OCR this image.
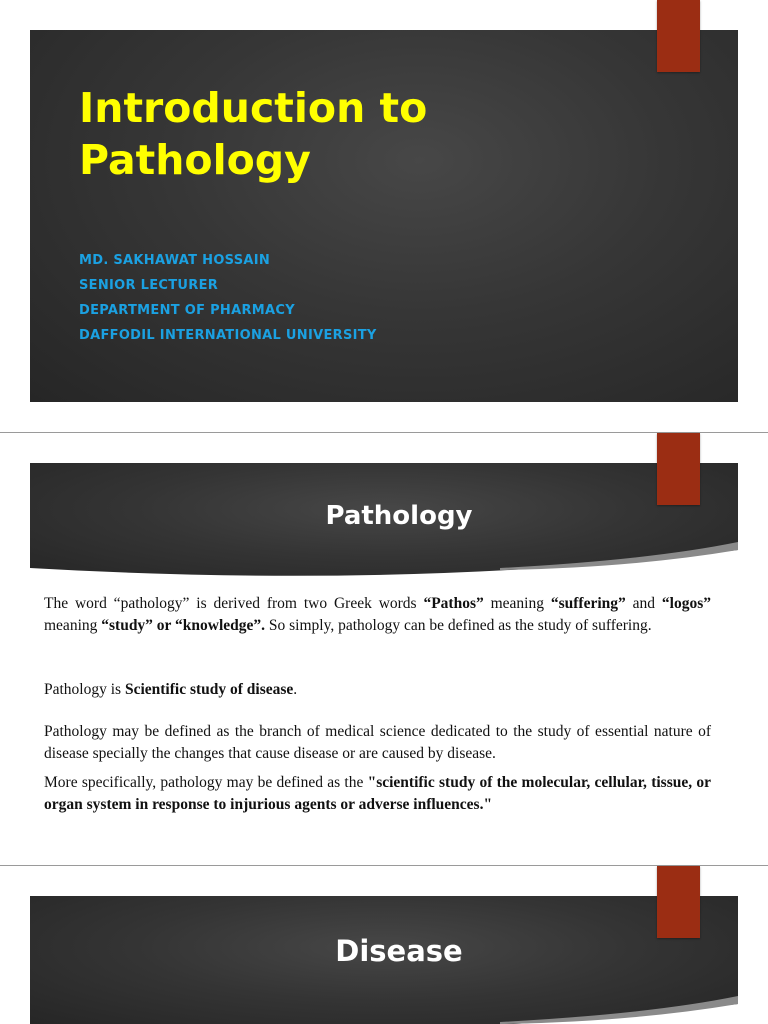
Introduction to
Pathology
MD. SAKHAWAT HOSSAIN
SENIOR LECTURER
DEPARTMENT OF PHARMACY
DAFFODIL INTERNATIONAL UNIVERSITY
Pathology

The word “pathology” is derived from two Greek words “Pathos” meaning “suffering” and “logos” meaning “study” or “knowledge”. So simply, pathology can be defined as the study of suffering.

Pathology is Scientific study of disease.

Pathology may be defined as the branch of medical science dedicated to the study of essential nature of disease specially the changes that cause disease or are caused by disease.

More specifically, pathology may be defined as the "scientific study of the molecular, cellular, tissue, or organ system in response to injurious agents or adverse influences."

Disease
